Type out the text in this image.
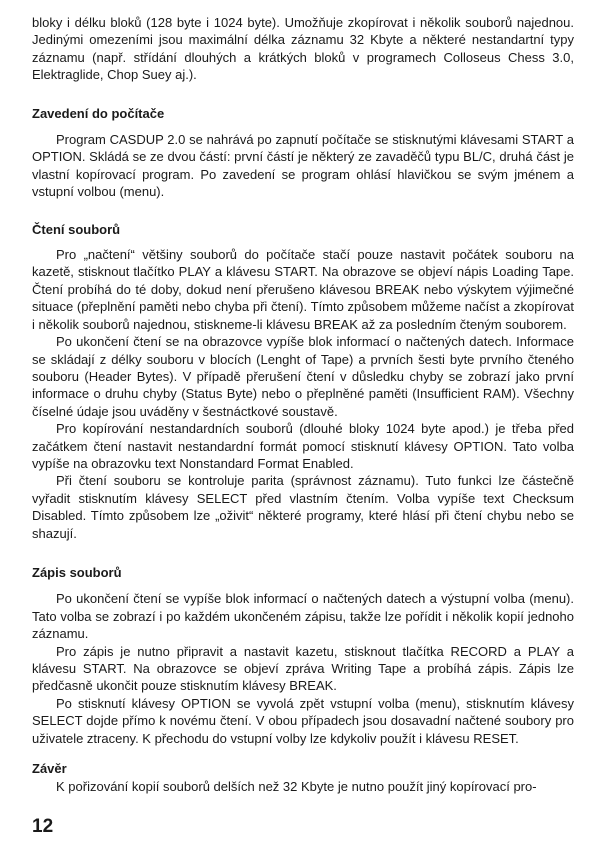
bloky i délku bloků (128 byte i 1024 byte). Umožňuje zkopírovat i několik souborů najednou. Jedinými omezeními jsou maximální délka záznamu 32 Kbyte a některé nestandartní typy záznamu (např. střídání dlouhých a krátkých bloků v programech Colloseus Chess 3.0, Elektraglide, Chop Suey aj.).

Zavedení do počítače

Program CASDUP 2.0 se nahrává po zapnutí počítače se stisknutými klávesami START a OPTION. Skládá se ze dvou částí: první částí je některý ze zavaděčů typu BL/C, druhá část je vlastní kopírovací program. Po zavedení se program ohlásí hlavičkou se svým jménem a vstupní volbou (menu).

Čtení souborů

Pro „načtení“ většiny souborů do počítače stačí pouze nastavit počátek souboru na kazetě, stisknout tlačítko PLAY a klávesu START. Na obrazove se objeví nápis Loading Tape. Čtení probíhá do té doby, dokud není přerušeno klávesou BREAK nebo výskytem výjimečné situace (přeplnění paměti nebo chyba při čtení). Tímto způsobem můžeme načíst a zkopírovat i několik souborů najednou, stiskneme-li klávesu BREAK až za posledním čteným souborem.

Po ukončení čtení se na obrazovce vypíše blok informací o načtených datech. Informace se skládají z délky souboru v blocích (Lenght of Tape) a prvních šesti byte prvního čteného souboru (Header Bytes). V případě přerušení čtení v důsledku chyby se zobrazí jako první informace o druhu chyby (Status Byte) nebo o přeplněné paměti (Insufficient RAM). Všechny číselné údaje jsou uváděny v šestnáctkové soustavě.

Pro kopírování nestandardních souborů (dlouhé bloky 1024 byte apod.) je třeba před začátkem čtení nastavit nestandardní formát pomocí stisknutí klávesy OPTION. Tato volba vypíše na obrazovku text Nonstandard Format Enabled.

Při čtení souboru se kontroluje parita (správnost záznamu). Tuto funkci lze částečně vyřadit stisknutím klávesy SELECT před vlastním čtením. Volba vypíše text Checksum Disabled. Tímto způsobem lze „oživit“ některé programy, které hlásí při čtení chybu nebo se shazují.

Zápis souborů

Po ukončení čtení se vypíše blok informací o načtených datech a výstupní volba (menu). Tato volba se zobrazí i po každém ukončeném zápisu, takže lze pořídit i několik kopií jednoho záznamu.

Pro zápis je nutno připravit a nastavit kazetu, stisknout tlačítka RECORD a PLAY a klávesu START. Na obrazovce se objeví zpráva Writing Tape a probíhá zápis. Zápis lze předčasně ukončit pouze stisknutím klávesy BREAK.

Po stisknutí klávesy OPTION se vyvolá zpět vstupní volba (menu), stisknutím klávesy SELECT dojde přímo k novému čtení. V obou případech jsou dosavadní načtené soubory pro uživatele ztraceny. K přechodu do vstupní volby lze kdykoliv použít i klávesu RESET.

Závěr

K pořizování kopií souborů delších než 32 Kbyte je nutno použít jiný kopírovací pro-

12
